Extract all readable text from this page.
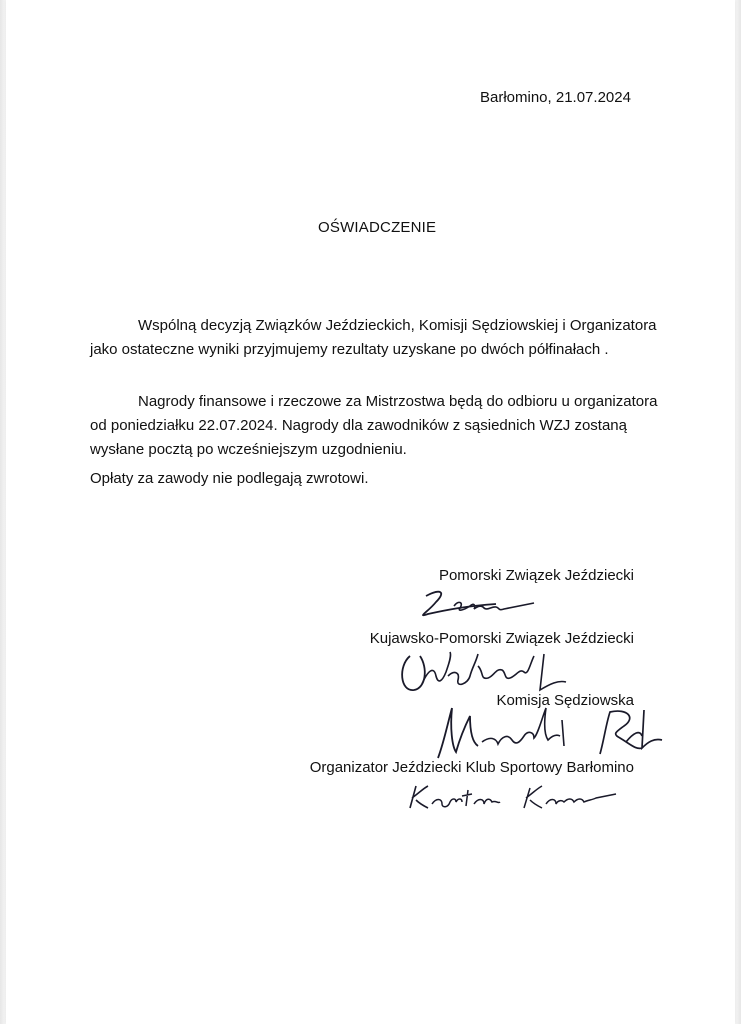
Barłomino, 21.07.2024
OŚWIADCZENIE
Wspólną decyzją Związków Jeździeckich, Komisji Sędziowskiej i Organizatora jako ostateczne wyniki przyjmujemy rezultaty uzyskane po dwóch półfinałach .
Nagrody finansowe i rzeczowe za Mistrzostwa będą do odbioru u organizatora od poniedziałku 22.07.2024. Nagrody dla zawodników z sąsiednich WZJ zostaną wysłane pocztą po wcześniejszym uzgodnieniu.
Opłaty za zawody nie podlegają zwrotowi.
Pomorski Związek Jeździecki
Kujawsko-Pomorski Związek Jeździecki
Komisja Sędziowska
Organizator Jeździecki Klub Sportowy Barłomino
